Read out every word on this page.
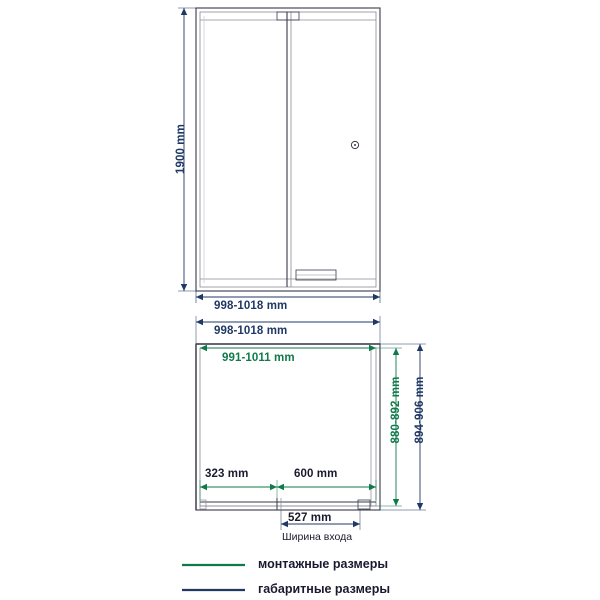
1900 mm
998-1018 mm
998-1018 mm
991-1011 mm
880-892 mm 894-906 mm
323 mm	600 mm
527 mm
Ширина входа
монтажные размеры
габаритные размеры
